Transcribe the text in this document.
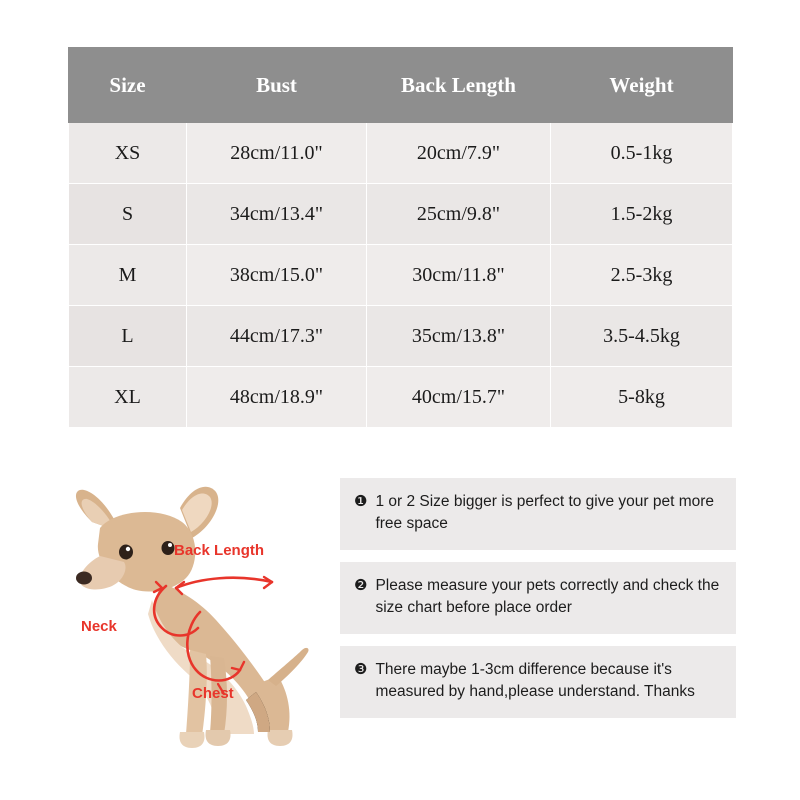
Size	Bust	Back Length	Weight
XS	28cm/11.0"	20cm/7.9"	0.5-1kg
S	34cm/13.4"	25cm/9.8"	1.5-2kg
M	38cm/15.0"	30cm/11.8"	2.5-3kg
L	44cm/17.3"	35cm/13.8"	3.5-4.5kg
XL	48cm/18.9"	40cm/15.7"	5-8kg
Back Length
Neck
Chest
❶ 1 or 2 Size bigger is perfect to give your pet more free space
❷ Please measure your pets correctly and check the size chart before place order
❸ There maybe 1-3cm difference because it's measured by hand,please understand. Thanks
